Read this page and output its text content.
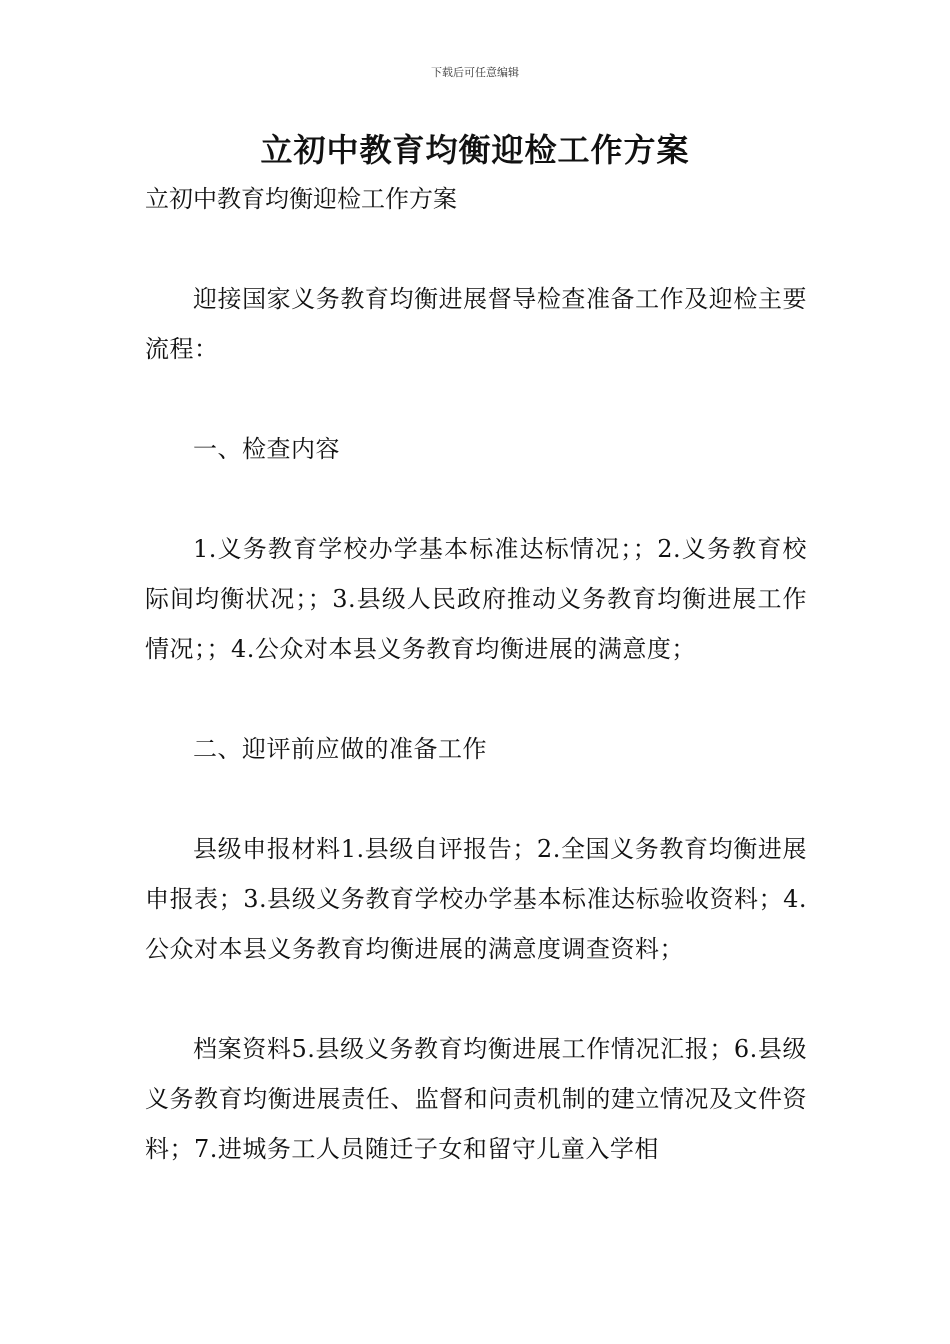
下载后可任意编辑
立初中教育均衡迎检工作方案

立初中教育均衡迎检工作方案

迎接国家义务教育均衡进展督导检查准备工作及迎检主要流程：

一、检查内容

1.义务教育学校办学基本标准达标情况；；2.义务教育校际间均衡状况；；3.县级人民政府推动义务教育均衡进展工作情况；；4.公众对本县义务教育均衡进展的满意度；

二、迎评前应做的准备工作

县级申报材料1.县级自评报告；2.全国义务教育均衡进展申报表；3.县级义务教育学校办学基本标准达标验收资料；4.公众对本县义务教育均衡进展的满意度调查资料；

档案资料5.县级义务教育均衡进展工作情况汇报；6.县级义务教育均衡进展责任、监督和问责机制的建立情况及文件资料；7.进城务工人员随迁子女和留守儿童入学相
